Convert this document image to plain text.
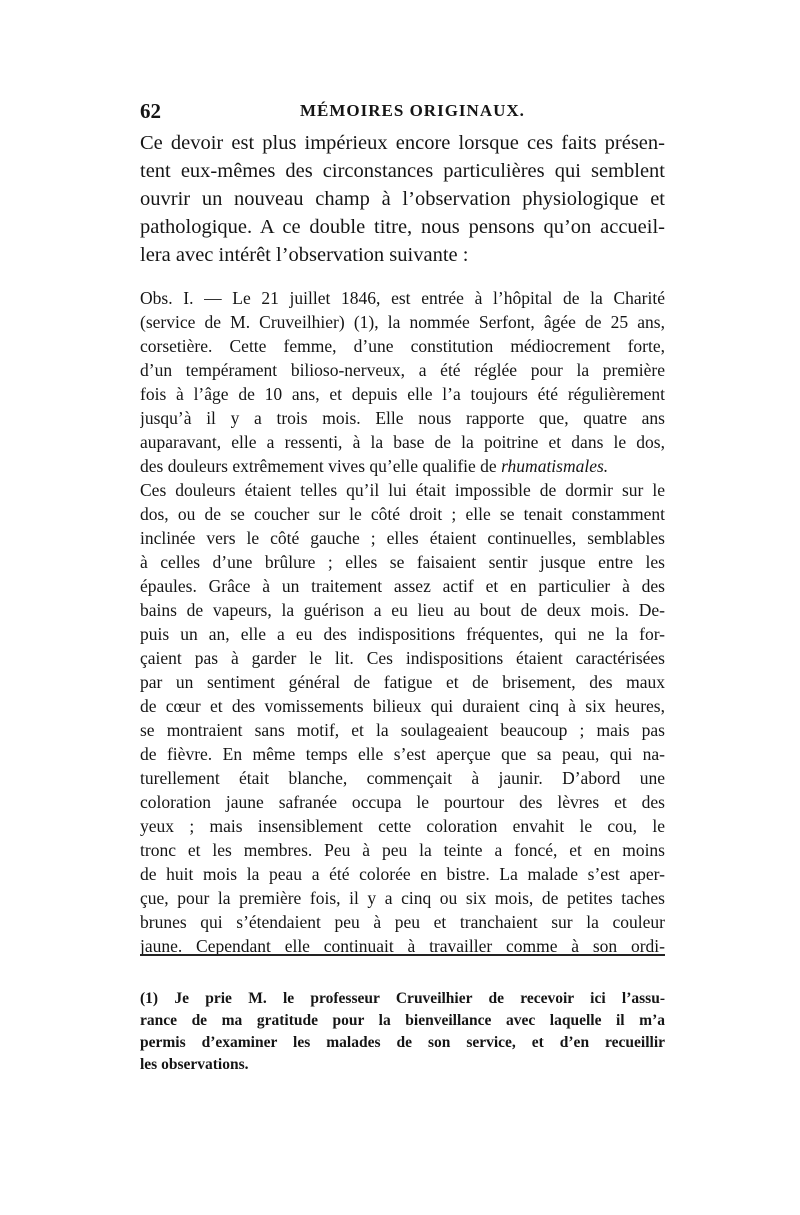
62	MÉMOIRES ORIGINAUX.
Ce devoir est plus impérieux encore lorsque ces faits présen-
tent eux-mêmes des circonstances particulières qui semblent
ouvrir un nouveau champ à l’observation physiologique et
pathologique. A ce double titre, nous pensons qu’on accueil-
lera avec intérêt l’observation suivante :
Obs. I. — Le 21 juillet 1846, est entrée à l’hôpital de la Charité
(service de M. Cruveilhier) (1), la nommée Serfont, âgée de 25 ans,
corsetière. Cette femme, d’une constitution médiocrement forte,
d’un tempérament bilioso-nerveux, a été réglée pour la première
fois à l’âge de 10 ans, et depuis elle l’a toujours été régulièrement
jusqu’à il y a trois mois. Elle nous rapporte que, quatre ans
auparavant, elle a ressenti, à la base de la poitrine et dans le dos,
des douleurs extrêmement vives qu’elle qualifie de rhumatismales.
Ces douleurs étaient telles qu’il lui était impossible de dormir sur le
dos, ou de se coucher sur le côté droit ; elle se tenait constamment
inclinée vers le côté gauche ; elles étaient continuelles, semblables
à celles d’une brûlure ; elles se faisaient sentir jusque entre les
épaules. Grâce à un traitement assez actif et en particulier à des
bains de vapeurs, la guérison a eu lieu au bout de deux mois. De-
puis un an, elle a eu des indispositions fréquentes, qui ne la for-
çaient pas à garder le lit. Ces indispositions étaient caractérisées
par un sentiment général de fatigue et de brisement, des maux
de cœur et des vomissements bilieux qui duraient cinq à six heures,
se montraient sans motif, et la soulageaient beaucoup ; mais pas
de fièvre. En même temps elle s’est aperçue que sa peau, qui na-
turellement était blanche, commençait à jaunir. D’abord une
coloration jaune safranée occupa le pourtour des lèvres et des
yeux ; mais insensiblement cette coloration envahit le cou, le
tronc et les membres. Peu à peu la teinte a foncé, et en moins
de huit mois la peau a été colorée en bistre. La malade s’est aper-
çue, pour la première fois, il y a cinq ou six mois, de petites taches
brunes qui s’étendaient peu à peu et tranchaient sur la couleur
jaune. Cependant elle continuait à travailler comme à son ordi-
(1) Je prie M. le professeur Cruveilhier de recevoir ici l’assu-
rance de ma gratitude pour la bienveillance avec laquelle il m’a
permis d’examiner les malades de son service, et d’en recueillir
les observations.
